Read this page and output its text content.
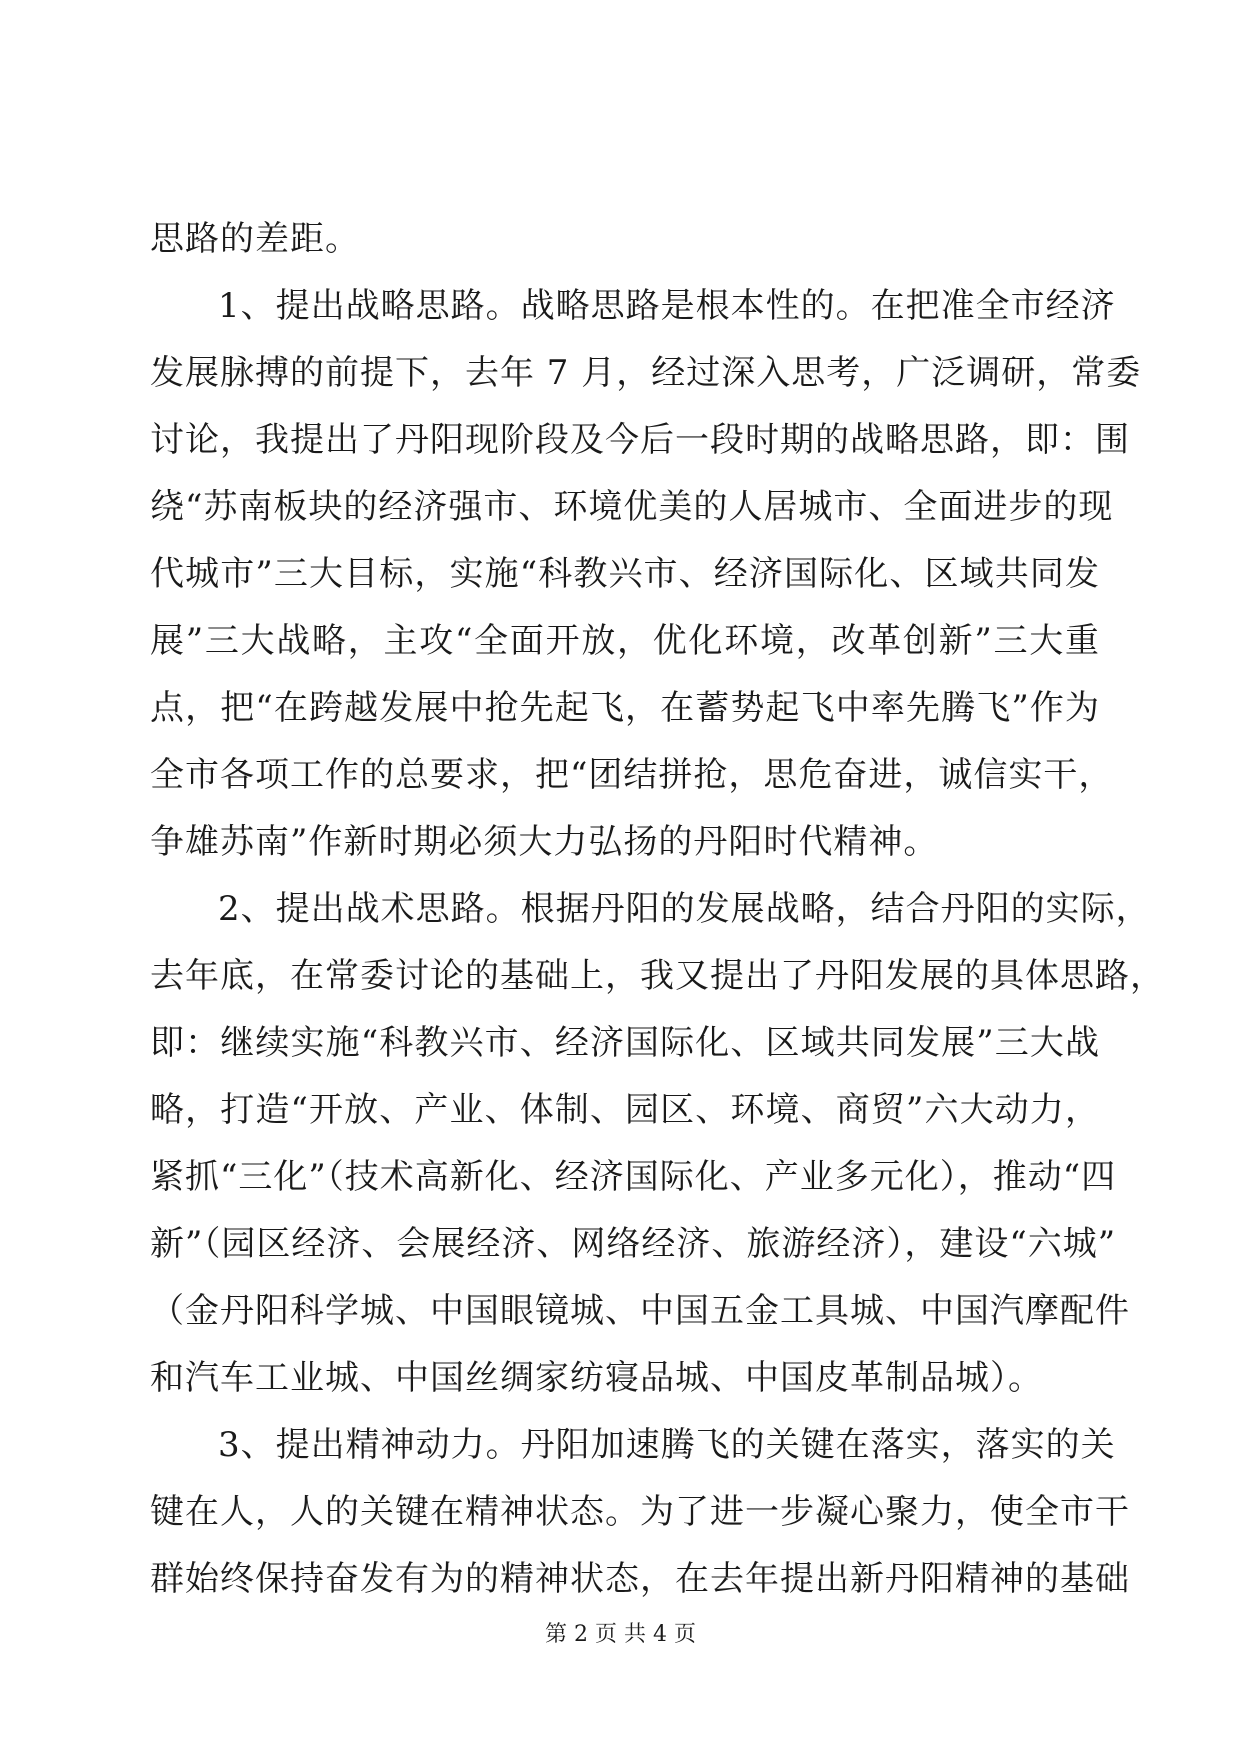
思路的差距。
1、提出战略思路。战略思路是根本性的。在把准全市经济
发展脉搏的前提下，去年 7 月，经过深入思考，广泛调研，常委
讨论，我提出了丹阳现阶段及今后一段时期的战略思路，即：围
绕“苏南板块的经济强市、环境优美的人居城市、全面进步的现
代城市”三大目标，实施“科教兴市、经济国际化、区域共同发
展”三大战略，主攻“全面开放，优化环境，改革创新”三大重
点，把“在跨越发展中抢先起飞，在蓄势起飞中率先腾飞”作为
全市各项工作的总要求，把“团结拼抢，思危奋进，诚信实干，
争雄苏南”作新时期必须大力弘扬的丹阳时代精神。
2、提出战术思路。根据丹阳的发展战略，结合丹阳的实际，
去年底，在常委讨论的基础上，我又提出了丹阳发展的具体思路，
即：继续实施“科教兴市、经济国际化、区域共同发展”三大战
略，打造“开放、产业、体制、园区、环境、商贸”六大动力，
紧抓“三化”（技术高新化、经济国际化、产业多元化），推动“四
新”（园区经济、会展经济、网络经济、旅游经济），建设“六城”
（金丹阳科学城、中国眼镜城、中国五金工具城、中国汽摩配件
和汽车工业城、中国丝绸家纺寝品城、中国皮革制品城）。
3、提出精神动力。丹阳加速腾飞的关键在落实，落实的关
键在人，人的关键在精神状态。为了进一步凝心聚力，使全市干
群始终保持奋发有为的精神状态，在去年提出新丹阳精神的基础
第 2 页 共 4 页
